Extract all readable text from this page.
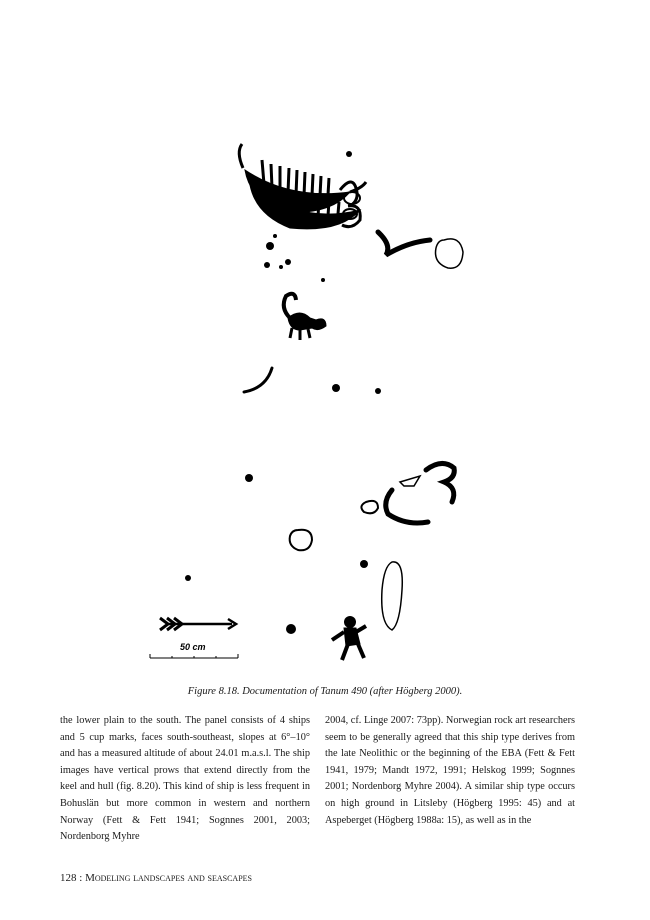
50 cm
Figure 8.18. Documentation of Tanum 490 (after Högberg 2000).
the lower plain to the south. The panel consists of 4 ships and 5 cup marks, faces south-southeast, slopes at 6°–10° and has a measured altitude of about 24.01 m.a.s.l. The ship images have vertical prows that extend directly from the keel and hull (fig. 8.20). This kind of ship is less frequent in Bohuslän but more common in western and northern Norway (Fett & Fett 1941; Sognnes 2001, 2003; Nordenborg Myhre
2004, cf. Linge 2007: 73pp). Norwegian rock art researchers seem to be generally agreed that this ship type derives from the late Neolithic or the beginning of the EBA (Fett & Fett 1941, 1979; Mandt 1972, 1991; Helskog 1999; Sognnes 2001; Nordenborg Myhre 2004). A similar ship type occurs on high ground in Litsleby (Högberg 1995: 45) and at Aspeberget (Högberg 1988a: 15), as well as in the
128 : Modeling landscapes and seascapes
